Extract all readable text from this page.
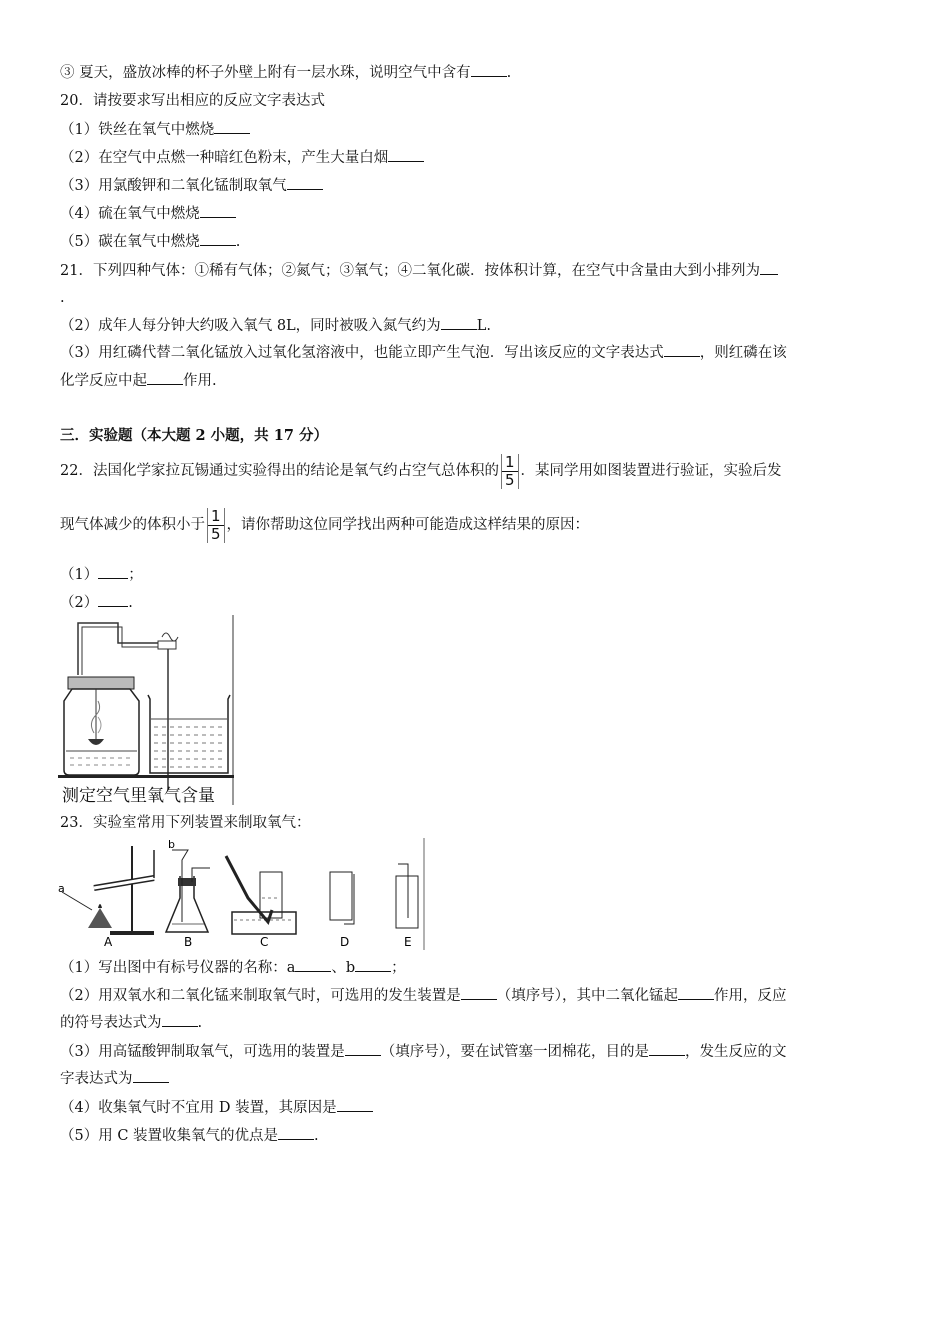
③ 夏天，盛放冰棒的杯子外壁上附有一层水珠，说明空气中含有 .
20．请按要求写出相应的反应文字表达式
（1）铁丝在氧气中燃烧
（2）在空气中点燃一种暗红色粉末，产生大量白烟
（3）用氯酸钾和二氧化锰制取氧气
（4）硫在氧气中燃烧
（5）碳在氧气中燃烧 .
21．下列四种气体：①稀有气体；②氮气；③氧气；④二氧化碳．按体积计算，在空气中含量由大到小排列为
.
（2）成年人每分钟大约吸入氧气 8L，同时被吸入氮气约为 L.
（3）用红磷代替二氧化锰放入过氧化氢溶液中，也能立即产生气泡．写出该反应的文字表达式 ，则红磷在该
化学反应中起 作用.
三．实验题（本大题 2 小题，共 17 分）
22．法国化学家拉瓦锡通过实验得出的结论是氧气约占空气总体积的 $\frac{1}{5}$ ．某同学用如图装置进行验证，实验后发
现气体减少的体积小于 $\frac{1}{5}$ ，请你帮助这位同学找出两种可能造成这样结果的原因：
（1） ；
（2） .
测定空气里氧气含量
23．实验室常用下列装置来制取氧气：
a
A
b
B	C	D	E
（1）写出图中有标号仪器的名称：a 、b ；
（2）用双氧水和二氧化锰来制取氧气时，可选用的发生装置是 （填序号），其中二氧化锰起 作用，反应
的符号表达式为 .
（3）用高锰酸钾制取氧气，可选用的装置是 （填序号），要在试管塞一团棉花，目的是 ，发生反应的文
字表达式为
（4）收集氧气时不宜用 D 装置，其原因是
（5）用 C 装置收集氧气的优点是 .
